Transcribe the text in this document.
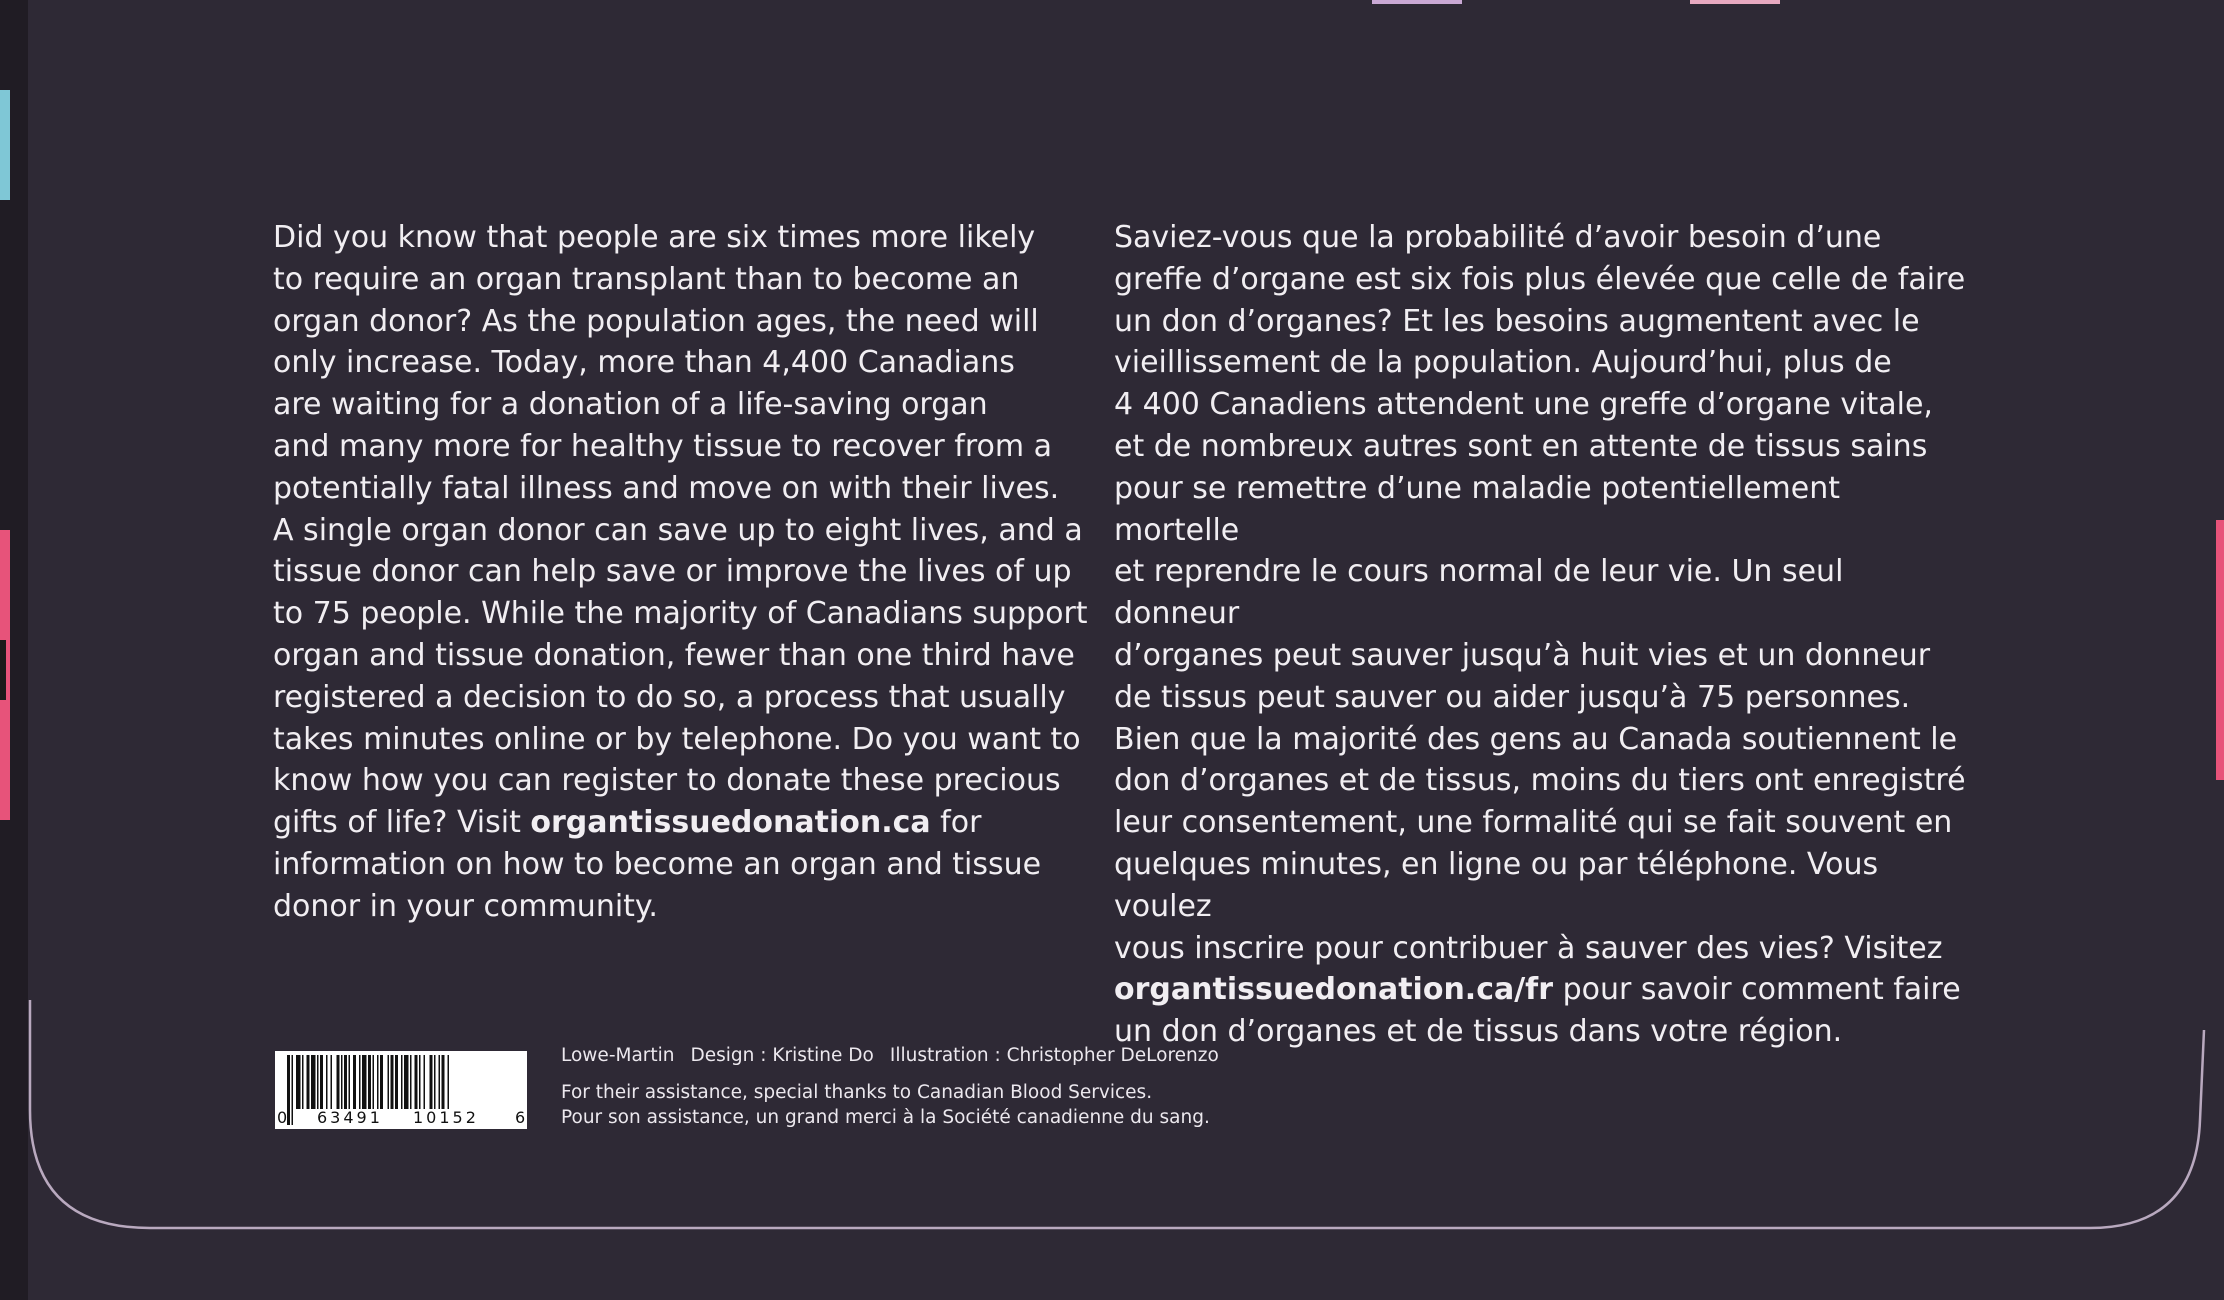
Did you know that people are six times more likely
to require an organ transplant than to become an
organ donor? As the population ages, the need will
only increase. Today, more than 4,400 Canadians
are waiting for a donation of a life-saving organ
and many more for healthy tissue to recover from a
potentially fatal illness and move on with their lives.
A single organ donor can save up to eight lives, and a
tissue donor can help save or improve the lives of up
to 75 people. While the majority of Canadians support
organ and tissue donation, fewer than one third have
registered a decision to do so, a process that usually
takes minutes online or by telephone. Do you want to
know how you can register to donate these precious
gifts of life? Visit organtissuedonation.ca for
information on how to become an organ and tissue
donor in your community.
Saviez-vous que la probabilité d’avoir besoin d’une
greffe d’organe est six fois plus élevée que celle de faire
un don d’organes? Et les besoins augmentent avec le
vieillissement de la population. Aujourd’hui, plus de
4 400 Canadiens attendent une greffe d’organe vitale,
et de nombreux autres sont en attente de tissus sains
pour se remettre d’une maladie potentiellement mortelle
et reprendre le cours normal de leur vie. Un seul donneur
d’organes peut sauver jusqu’à huit vies et un donneur
de tissus peut sauver ou aider jusqu’à 75 personnes.
Bien que la majorité des gens au Canada soutiennent le
don d’organes et de tissus, moins du tiers ont enregistré
leur consentement, une formalité qui se fait souvent en
quelques minutes, en ligne ou par téléphone. Vous voulez
vous inscrire pour contribuer à sauver des vies? Visitez
organtissuedonation.ca/fr pour savoir comment faire
un don d’organes et de tissus dans votre région.
0 63491 10152 6
Lowe-Martin Design : Kristine Do Illustration : Christopher DeLorenzo
For their assistance, special thanks to Canadian Blood Services.
Pour son assistance, un grand merci à la Société canadienne du sang.
